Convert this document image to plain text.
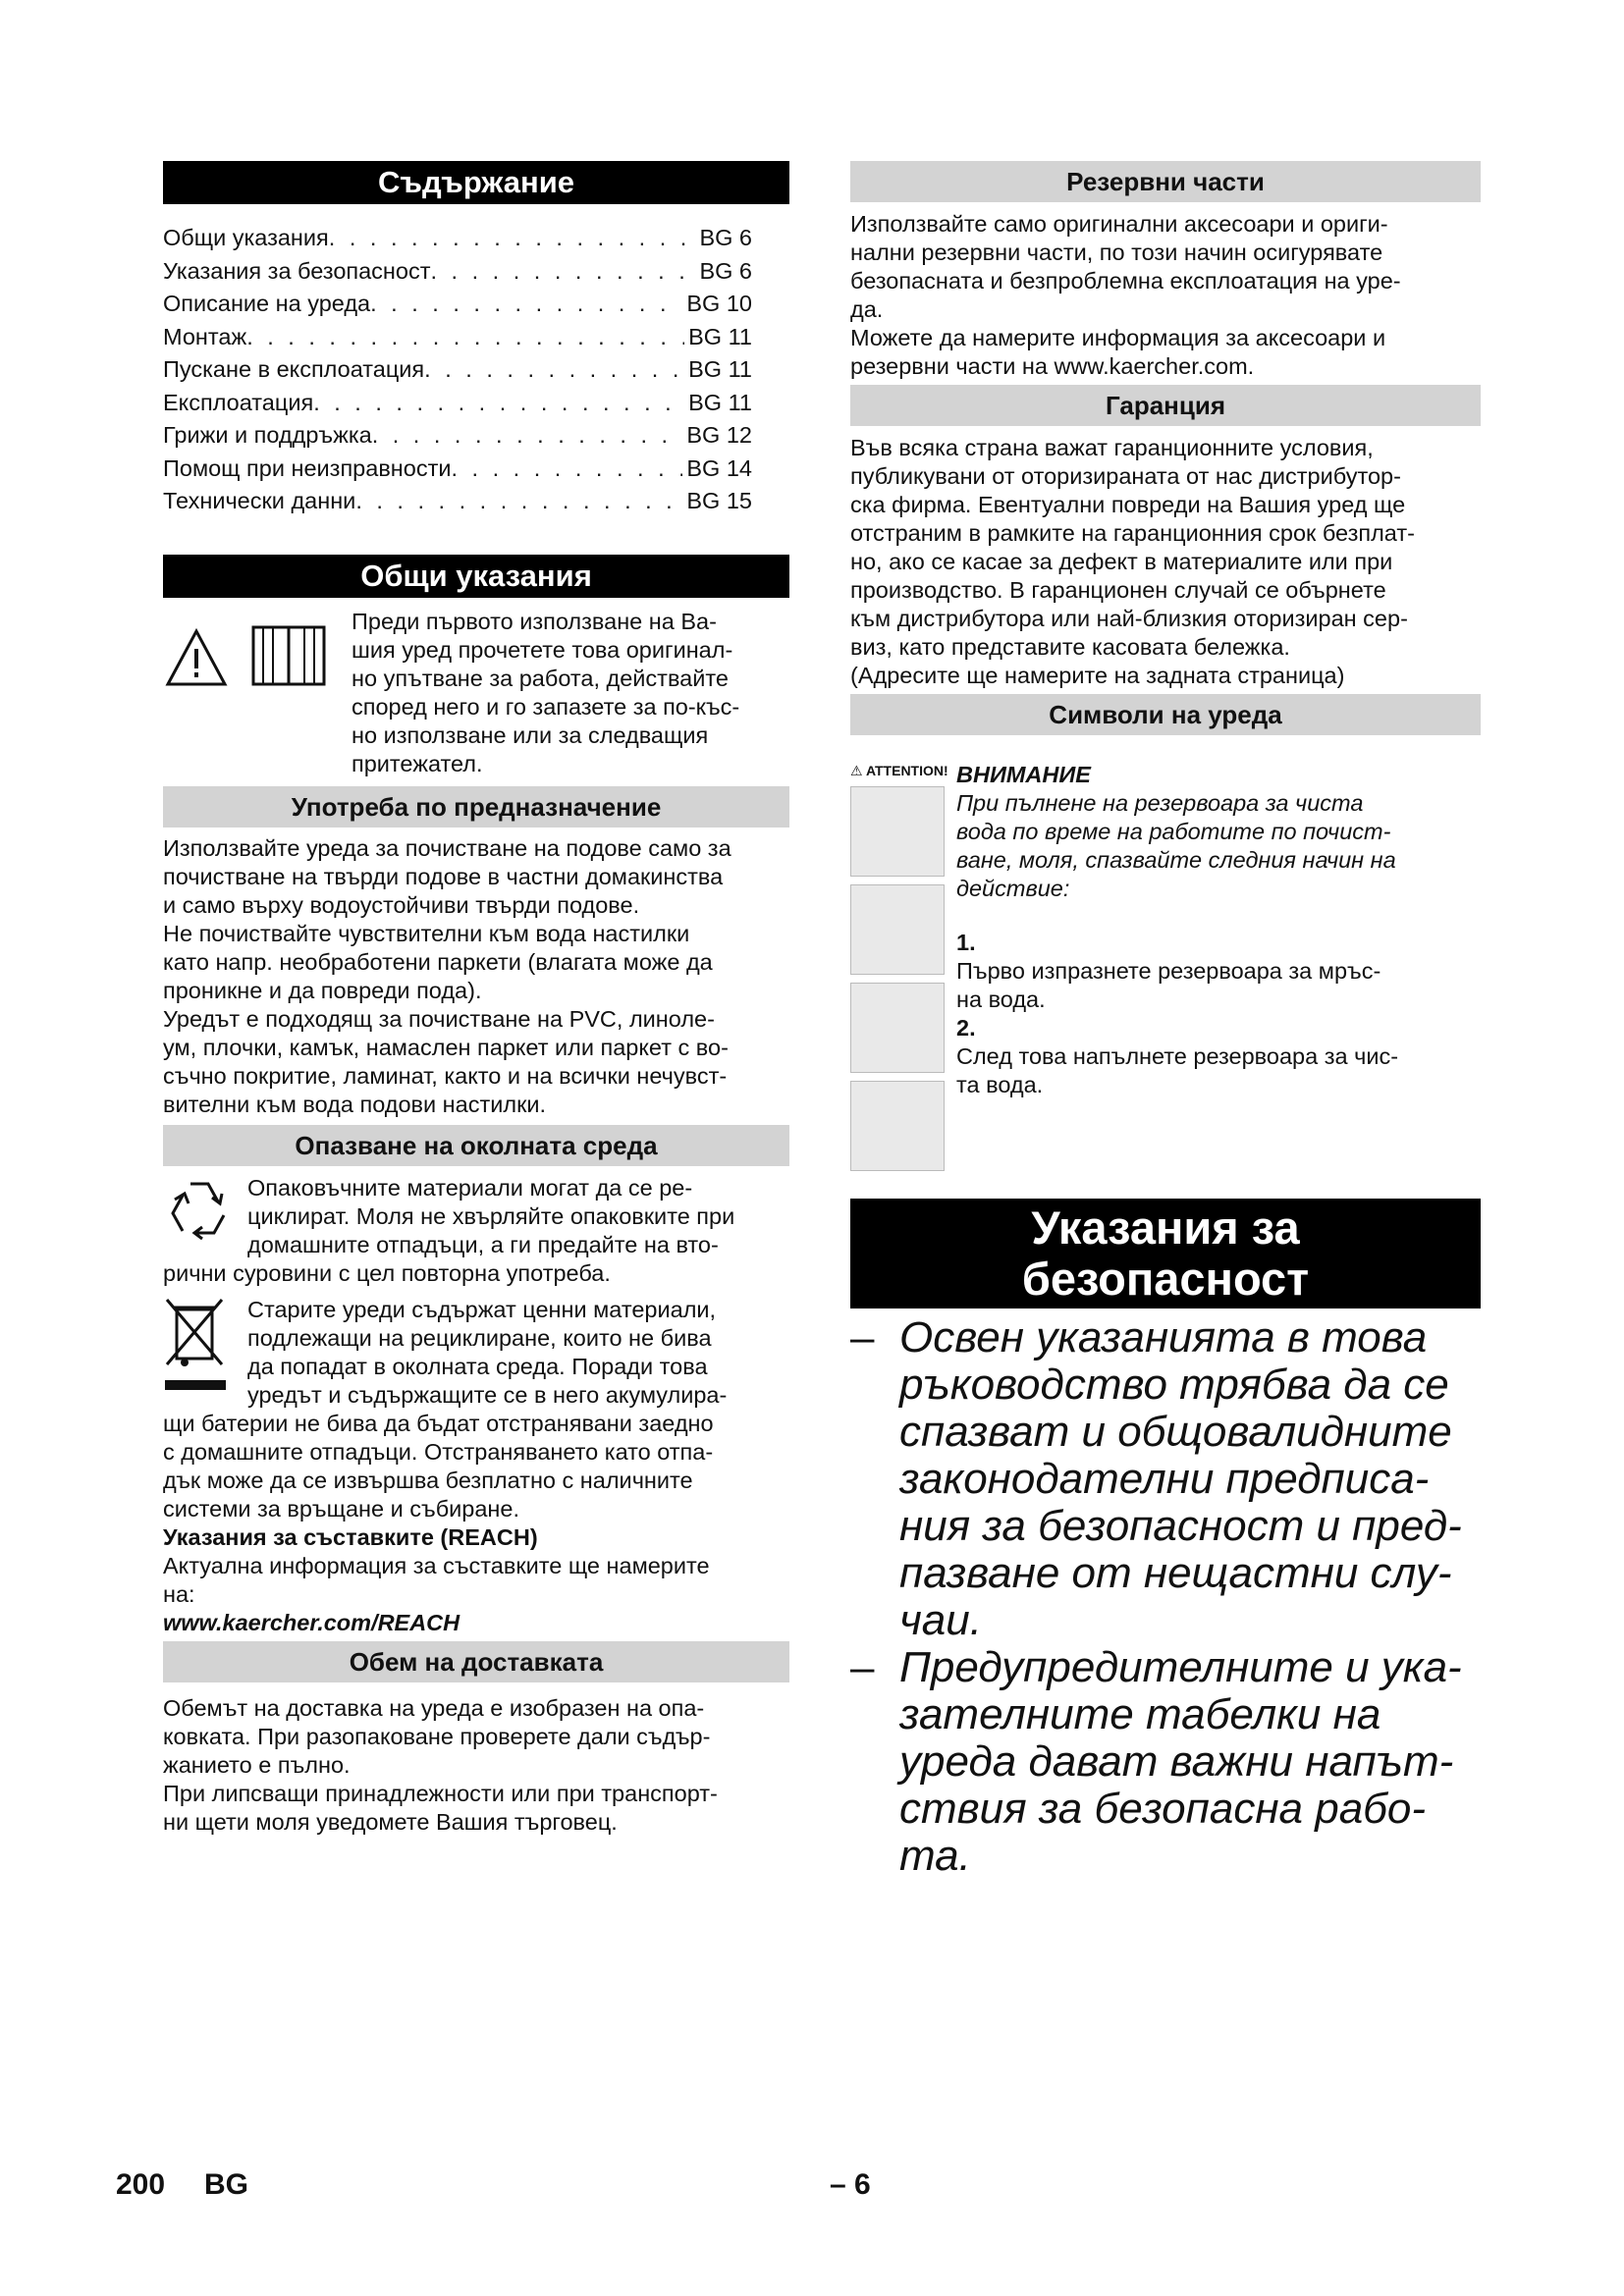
Съдържание
Общи указания . . .	BG 6
Указания за безопасност . . .	BG 6
Описание на уреда . . .	BG 10
Монтаж . . .	BG 11
Пускане в експлоатация . . .	BG 11
Експлоатация . . .	BG 11
Грижи и поддръжка . . .	BG 12
Помощ при неизправности . . .	BG 14
Технически данни . . .	BG 15
Общи указания
Преди първото използване на Ва-
шия уред прочетете това оригинал-
но упътване за работа, действайте
според него и го запазете за по-къс-
но използване или за следващия
притежател.
Употреба по предназначение
Използвайте уреда за почистване на подове само за
почистване на твърди подове в частни домакинства
и само върху водоустойчиви твърди подове.
Не почиствайте чувствителни към вода настилки
като напр. необработени паркети (влагата може да
проникне и да повреди пода).
Уредът е подходящ за почистване на PVC, линоле-
ум, плочки, камък, намаслен паркет или паркет с во-
съчно покритие, ламинат, както и на всички нечувст-
вителни към вода подови настилки.
Опазване на околната среда
Опаковъчните материали могат да се ре-
циклират. Моля не хвърляйте опаковките при
домашните отпадъци, а ги предайте на вто-
рични суровини с цел повторна употреба.
Старите уреди съдържат ценни материали,
подлежащи на рециклиране, които не бива
да попадат в околната среда. Поради това
уредът и съдържащите се в него акумулира-
щи батерии не бива да бъдат отстранявани заедно
с домашните отпадъци. Отстраняването като отпа-
дък може да се извършва безплатно с наличните
системи за връщане и събиране.
Указания за съставките (REACH)
Актуална информация за съставките ще намерите
на:
www.kaercher.com/REACH
Обем на доставката
Обемът на доставка на уреда е изобразен на опа-
ковката. При разопаковане проверете дали съдър-
жанието е пълно.
При липсващи принадлежности или при транспорт-
ни щети моля уведомете Вашия търговец.
Резервни части
Използвайте само оригинални аксесоари и ориги-
нални резервни части, по този начин осигурявате
безопасната и безпроблемна експлоатация на уре-
да.
Можете да намерите информация за аксесоари и
резервни части на www.kaercher.com.
Гаранция
Във всяка страна важат гаранционните условия,
публикувани от оторизираната от нас дистрибутор-
ска фирма. Евентуални повреди на Вашия уред ще
отстраним в рамките на гаранционния срок безплат-
но, ако се касае за дефект в материалите или при
производство. В гаранционен случай се обърнете
към дистрибутора или най-близкия оторизиран сер-
виз, като представите касовата бележка.
(Адресите ще намерите на задната страница)
Символи на уреда
⚠ ATTENTION! ВНИМАНИЕ
При пълнене на резервоара за чиста
вода по време на работите по почист-
ване, моля, спазвайте следния начин на
действие:
1.
Първо изпразнете резервоара за мръс-
на вода.
2.
След това напълнете резервоара за чис-
та вода.
Указания за
безопасност
– Освен указанията в това
ръководство трябва да се
спазват и общовалидните
законодателни предписа-
ния за безопасност и пред-
пазване от нещастни слу-
чаи.
– Предупредителните и ука-
зателните табелки на
уреда дават важни напът-
ствия за безопасна рабо-
та.
200 BG	– 6
